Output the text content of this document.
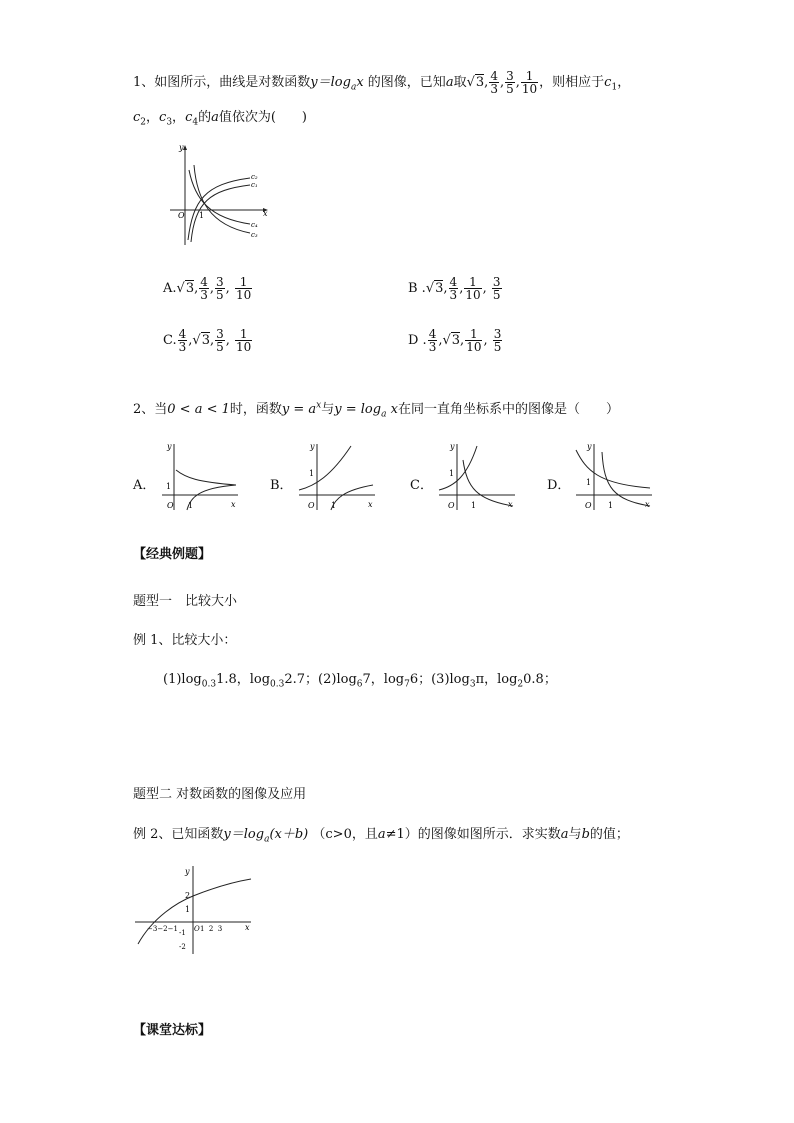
1、如图所示，曲线是对数函数$y=\log_ax$ 的图像，已知a取√3, $\frac{4}{3}$ , $\frac{3}{5}$ , $\frac{1}{10}$ ，则相应于$c_1$，
$c_2$，$c_3$，$c_4$的a值依次为(　　)
y
x
O 1
c₂
c₁
c₄
c₃
A.√3, $\frac{4}{3}$ , $\frac{3}{5}$ , $\frac{1}{10}$	B .√3, $\frac{4}{3}$ , $\frac{1}{10}$ , $\frac{3}{5}$
C. $\frac{4}{3} ,√3$, $\frac{3}{5}$ , $\frac{1}{10}$	D . $\frac{4}{3} ,√3$, $\frac{1}{10}$ , $\frac{3}{5}$
2、当0 < a < 1时，函数$y = a^x$与$y = \log_a x$在同一直角坐标系中的图像是（　　）
A．
y
x
O 1
1	B．
y
x
O 1
1
C．
y
x
O 1
1
D．
y
x
O 1
1
【经典例题】
题型一　比较大小
例 1、比较大小：
$(1)\log_{0.3}1.8$，$\log_{0.3}2.7$；$(2)\log_67$，$\log_76$；$(3)\log_3\pi$，$\log_20.8$；
题型二 对数函数的图像及应用
例 2、已知函数$y=\log_a(x+b)$ （c>0，且a≠1）的图像如图所示．求实数a与b的值；
y
x
2
1
-1
-2
−3−2−1 O 1  2  3
【课堂达标】
